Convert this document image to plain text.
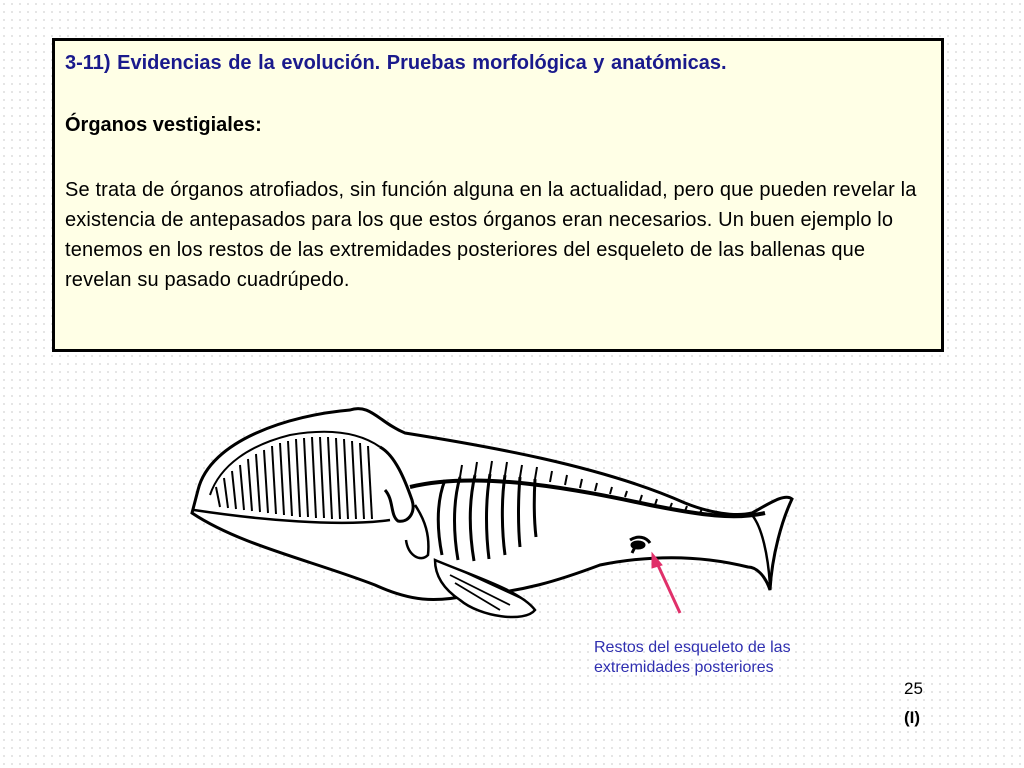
3-11) Evidencias de la evolución. Pruebas morfológica y anatómicas.
Órganos vestigiales:

Se trata de órganos atrofiados, sin función alguna en la actualidad, pero que pueden revelar la existencia de antepasados para los que estos órganos eran necesarios. Un buen ejemplo lo tenemos en los restos de las extremidades posteriores del esqueleto de las ballenas que revelan su pasado cuadrúpedo.

Restos del esqueleto de las
extremidades posteriores
25
(I)
